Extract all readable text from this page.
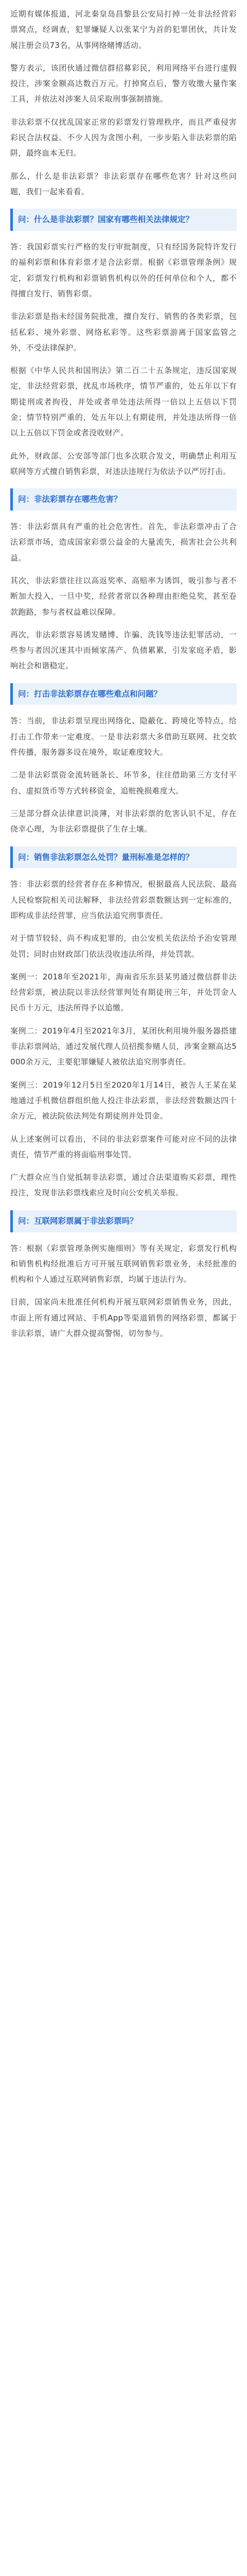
近期有媒体报道，河北秦皇岛昌黎县公安局打掉一处非法经营彩票窝点，经调查，犯罪嫌疑人以张某宁为首的犯罪团伙，共计发展注册会员73名，从事网络赌博活动。

警方表示，该团伙通过微信群招募彩民，利用网络平台进行虚假投注，涉案金额高达数百万元。打掉窝点后，警方收缴大量作案工具，并依法对涉案人员采取刑事强制措施。

非法彩票不仅扰乱国家正常的彩票发行管理秩序，而且严重侵害彩民合法权益。不少人因为贪图小利，一步步陷入非法彩票的陷阱，最终血本无归。

那么，什么是非法彩票？非法彩票存在哪些危害？针对这些问题，我们一起来看看。

问：什么是非法彩票？国家有哪些相关法律规定？

答：我国彩票实行严格的发行审批制度，只有经国务院特许发行的福利彩票和体育彩票才是合法彩票。根据《彩票管理条例》规定，彩票发行机构和彩票销售机构以外的任何单位和个人，都不得擅自发行、销售彩票。

非法彩票是指未经国务院批准，擅自发行、销售的各类彩票，包括私彩、境外彩票、网络私彩等。这些彩票游离于国家监管之外，不受法律保护。

根据《中华人民共和国刑法》第二百二十五条规定，违反国家规定，非法经营彩票，扰乱市场秩序，情节严重的，处五年以下有期徒刑或者拘役，并处或者单处违法所得一倍以上五倍以下罚金；情节特别严重的，处五年以上有期徒刑，并处违法所得一倍以上五倍以下罚金或者没收财产。

此外，财政部、公安部等部门也多次联合发文，明确禁止利用互联网等方式擅自销售彩票，对违法违规行为依法予以严厉打击。

问：非法彩票存在哪些危害？

答：非法彩票具有严重的社会危害性。首先，非法彩票冲击了合法彩票市场，造成国家彩票公益金的大量流失，损害社会公共利益。

其次，非法彩票往往以高返奖率、高赔率为诱饵，吸引参与者不断加大投入，一旦中奖，经营者常以各种理由拒绝兑奖，甚至卷款跑路，参与者权益难以保障。

再次，非法彩票容易诱发赌博、诈骗、洗钱等违法犯罪活动，一些参与者因沉迷其中而倾家荡产、负债累累，引发家庭矛盾，影响社会和谐稳定。

问：打击非法彩票存在哪些难点和问题？

答：当前，非法彩票呈现出网络化、隐蔽化、跨境化等特点，给打击工作带来一定难度。一是非法彩票大多借助互联网、社交软件传播，服务器多设在境外，取证难度较大。

二是非法彩票资金流转链条长、环节多，往往借助第三方支付平台、虚拟货币等方式转移资金，追赃挽损难度大。

三是部分群众法律意识淡薄，对非法彩票的危害认识不足，存在侥幸心理，为非法彩票提供了生存土壤。

问：销售非法彩票怎么处罚？量刑标准是怎样的？

答：非法彩票的经营者存在多种情况，根据最高人民法院、最高人民检察院相关司法解释，非法经营彩票数额达到一定标准的，即构成非法经营罪，应当依法追究刑事责任。

对于情节较轻、尚不构成犯罪的，由公安机关依法给予治安管理处罚；同时由财政部门依法没收违法所得，并处罚款。

案例一：2018年至2021年，海南省乐东县某男通过微信群非法经营彩票，被法院以非法经营罪判处有期徒刑三年，并处罚金人民币十万元，违法所得予以追缴。

案例二：2019年4月至2021年3月，某团伙利用境外服务器搭建非法彩票网站，通过发展代理人员招揽参赌人员，涉案金额高达5000余万元，主要犯罪嫌疑人被依法追究刑事责任。

案例三：2019年12月5日至2020年1月14日，被告人王某在某地通过手机微信群组织他人投注非法彩票，非法经营数额达四十余万元，被法院依法判处有期徒刑并处罚金。

从上述案例可以看出，不同的非法彩票案件可能对应不同的法律责任，情节严重的将面临刑事处罚。

广大群众应当自觉抵制非法彩票，通过合法渠道购买彩票，理性投注，发现非法彩票线索应及时向公安机关举报。

问：互联网彩票属于非法彩票吗？

答：根据《彩票管理条例实施细则》等有关规定，彩票发行机构和销售机构经批准后方可开展互联网销售彩票业务，未经批准的机构和个人通过互联网销售彩票，均属于违法行为。

目前，国家尚未批准任何机构开展互联网彩票销售业务，因此，市面上所有通过网站、手机App等渠道销售的网络彩票，都属于非法彩票，请广大群众提高警惕，切勿参与。
